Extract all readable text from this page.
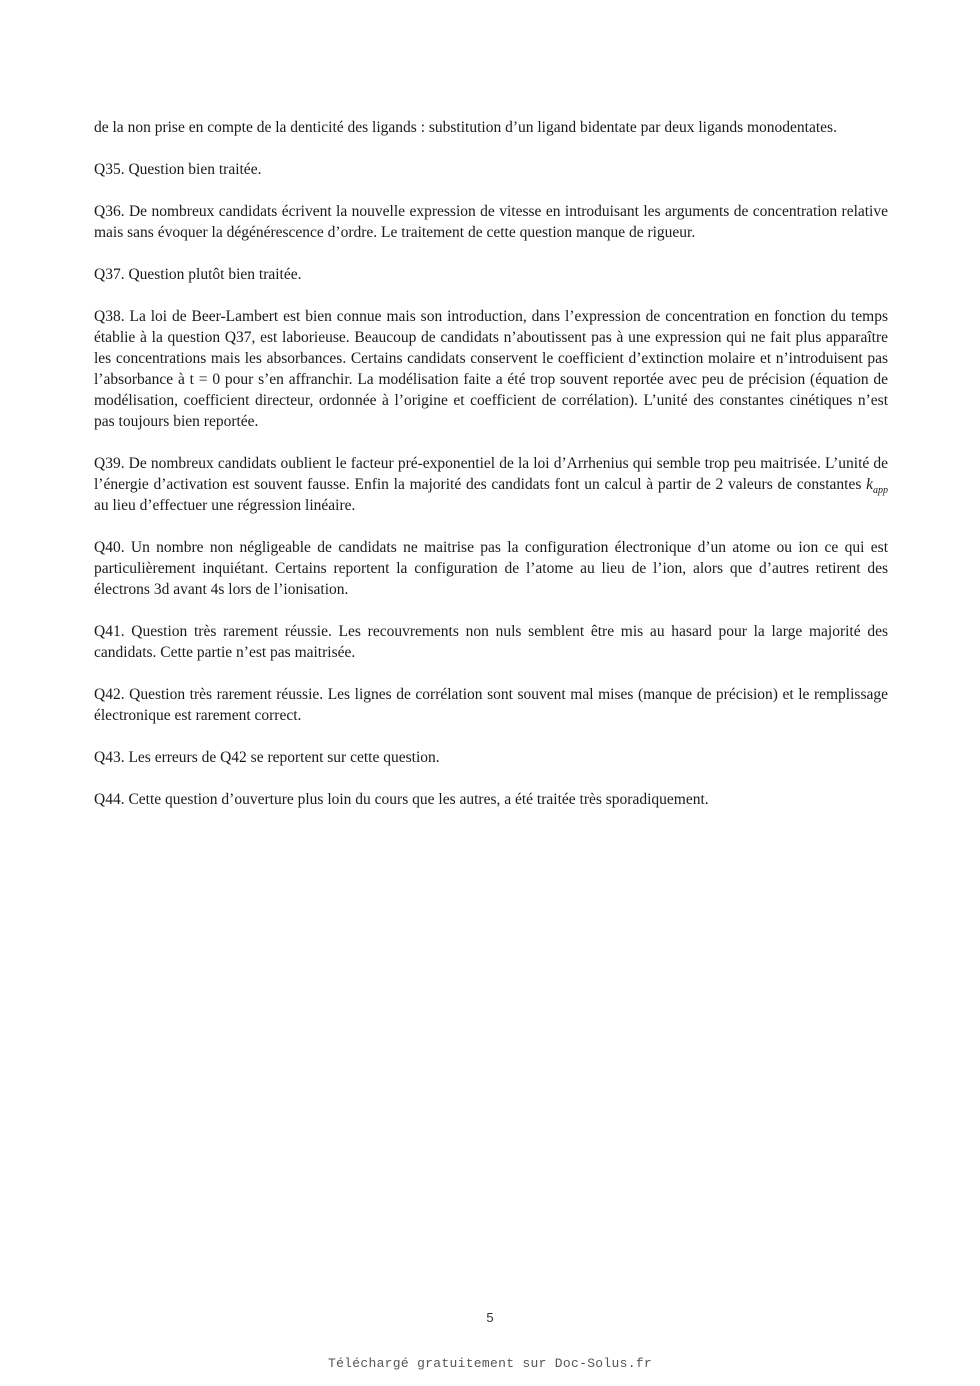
de la non prise en compte de la denticité des ligands : substitution d’un ligand bidentate par deux ligands monodentates.

Q35. Question bien traitée.

Q36. De nombreux candidats écrivent la nouvelle expression de vitesse en introduisant les arguments de concentration relative mais sans évoquer la dégénérescence d’ordre. Le traitement de cette question manque de rigueur.

Q37. Question plutôt bien traitée.

Q38. La loi de Beer-Lambert est bien connue mais son introduction, dans l’expression de concentration en fonction du temps établie à la question Q37, est laborieuse. Beaucoup de candidats n’aboutissent pas à une expression qui ne fait plus apparaître les concentrations mais les absorbances. Certains candidats conservent le coefficient d’extinction molaire et n’introduisent pas l’absorbance à t = 0 pour s’en affranchir. La modélisation faite a été trop souvent reportée avec peu de précision (équation de modélisation, coefficient directeur, ordonnée à l’origine et coefficient de corrélation). L’unité des constantes cinétiques n’est pas toujours bien reportée.

Q39. De nombreux candidats oublient le facteur pré-exponentiel de la loi d’Arrhenius qui semble trop peu maitrisée. L’unité de l’énergie d’activation est souvent fausse. Enfin la majorité des candidats font un calcul à partir de 2 valeurs de constantes $k_{app}$ au lieu d’effectuer une régression linéaire.

Q40. Un nombre non négligeable de candidats ne maitrise pas la configuration électronique d’un atome ou ion ce qui est particulièrement inquiétant. Certains reportent la configuration de l’atome au lieu de l’ion, alors que d’autres retirent des électrons 3d avant 4s lors de l’ionisation.

Q41. Question très rarement réussie. Les recouvrements non nuls semblent être mis au hasard pour la large majorité des candidats. Cette partie n’est pas maitrisée.

Q42. Question très rarement réussie. Les lignes de corrélation sont souvent mal mises (manque de précision) et le remplissage électronique est rarement correct.

Q43. Les erreurs de Q42 se reportent sur cette question.

Q44. Cette question d’ouverture plus loin du cours que les autres, a été traitée très sporadiquement.

5
Téléchargé gratuitement sur Doc-Solus.fr
